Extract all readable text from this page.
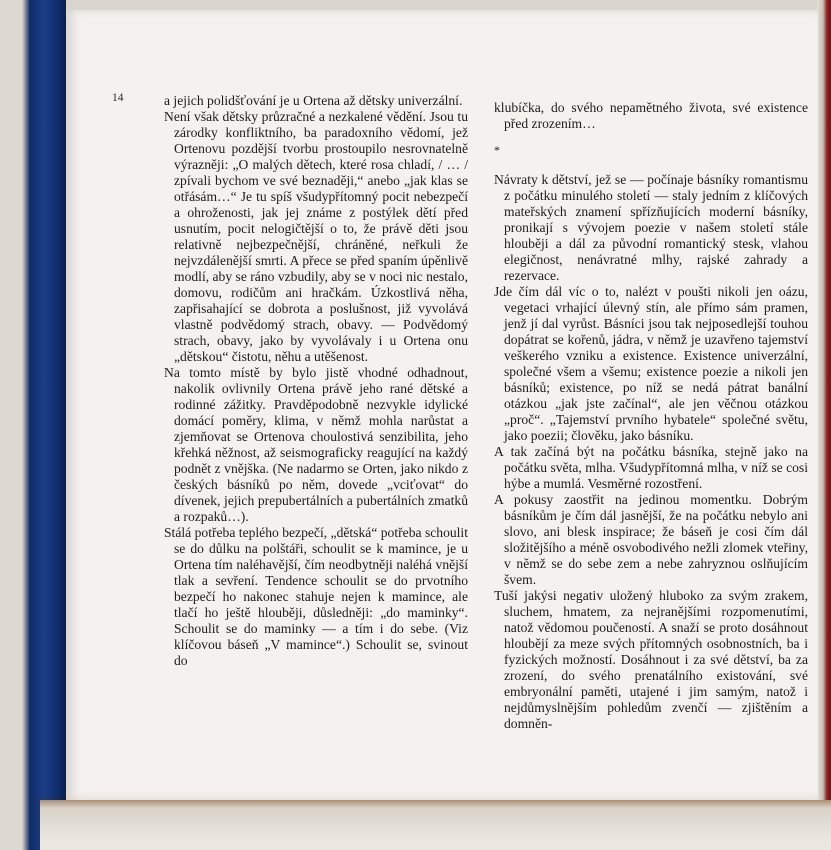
14	a jejich polidšťování je u Ortena až dětsky univerzální.

Není však dětsky průzračné a nezkalené vědění. Jsou tu zárodky konfliktního, ba paradoxního vědomí, jež Ortenovu pozdější tvorbu prostoupilo nesrovnatelně výrazněji: „O malých dětech, které rosa chladí, / … / zpívali bychom ve své beznaději,“ anebo „jak klas se otřásám…“ Je tu spíš všudypřítomný pocit nebezpečí a ohroženosti, jak jej známe z postýlek dětí před usnutím, pocit nelogičtější o to, že právě děti jsou relativně nejbezpečnější, chráněné, neřkuli že nejvzdálenější smrti. A přece se před spaním úpěnlivě modlí, aby se ráno vzbudily, aby se v noci nic nestalo, domovu, rodičům ani hračkám. Úzkostlivá něha, zapřisahající se dobrota a poslušnost, již vyvolává vlastně podvědomý strach, obavy. — Podvědomý strach, obavy, jako by vyvolávaly i u Ortena onu „dětskou“ čistotu, něhu a utěšenost.

Na tomto místě by bylo jistě vhodné odhadnout, nakolik ovlivnily Ortena právě jeho rané dětské a rodinné zážitky. Pravděpodobně nezvykle idylické domácí poměry, klima, v němž mohla narůstat a zjemňovat se Ortenova choulostivá senzibilita, jeho křehká něžnost, až seismograficky reagující na každý podnět z vnějška. (Ne nadarmo se Orten, jako nikdo z českých básníků po něm, dovede „vciťovat“ do dívenek, jejich prepubertálních a pubertálních zmatků a rozpaků…).

Stálá potřeba teplého bezpečí, „dětská“ potřeba schoulit se do důlku na polštáři, schoulit se k mamince, je u Ortena tím naléhavější, čím neodbytněji naléhá vnější tlak a sevření. Tendence schoulit se do prvotního bezpečí ho nakonec stahuje nejen k mamince, ale tlačí ho ještě hlouběji, důsledněji: „do maminky“. Schoulit se do maminky — a tím i do sebe. (Viz klíčovou báseň „V mamince“.) Schoulit se, svinout do

klubíčka, do svého nepamětného života, své existence před zrozením…

*

Návraty k dětství, jež se — počínaje básníky romantismu z počátku minulého století — staly jedním z klíčových mateřských znamení spřízňujících moderní básníky, pronikají s vývojem poezie v našem století stále hlouběji a dál za původní romantický stesk, vlahou elegičnost, nenávratné mlhy, rajské zahrady a rezervace.

Jde čím dál víc o to, nalézt v poušti nikoli jen oázu, vegetaci vrhající úlevný stín, ale přímo sám pramen, jenž jí dal vyrůst. Básníci jsou tak nejposedlejší touhou dopátrat se kořenů, jádra, v němž je uzavřeno tajemství veškerého vzniku a existence. Existence univerzální, společné všem a všemu; existence poezie a nikoli jen básníků; existence, po níž se nedá pátrat banální otázkou „jak jste začínal“, ale jen věčnou otázkou „proč“. „Tajemství prvního hybatele“ společné světu, jako poezii; člověku, jako básníku.

A tak začíná být na počátku básníka, stejně jako na počátku světa, mlha. Všudypřítomná mlha, v níž se cosi hýbe a mumlá. Vesměrné rozostření.

A pokusy zaostřit na jedinou momentku. Dobrým básníkům je čím dál jasnější, že na počátku nebylo ani slovo, ani blesk inspirace; že báseň je cosi čím dál složitějšího a méně osvobodivého nežli zlomek vteřiny, v němž se do sebe zem a nebe zahryznou oslňujícím švem.

Tuší jakýsi negativ uložený hluboko za svým zrakem, sluchem, hmatem, za nejranějšími rozpomenutími, natož vědomou poučeností. A snaží se proto dosáhnout hloubějí za meze svých přítomných osobnostních, ba i fyzických možností. Dosáhnout i za své dětství, ba za zrození, do svého prenatálního existování, své embryonální paměti, utajené i jim samým, natož i nejdůmyslnějším pohledům zvenčí — zjištěním a domněn-
